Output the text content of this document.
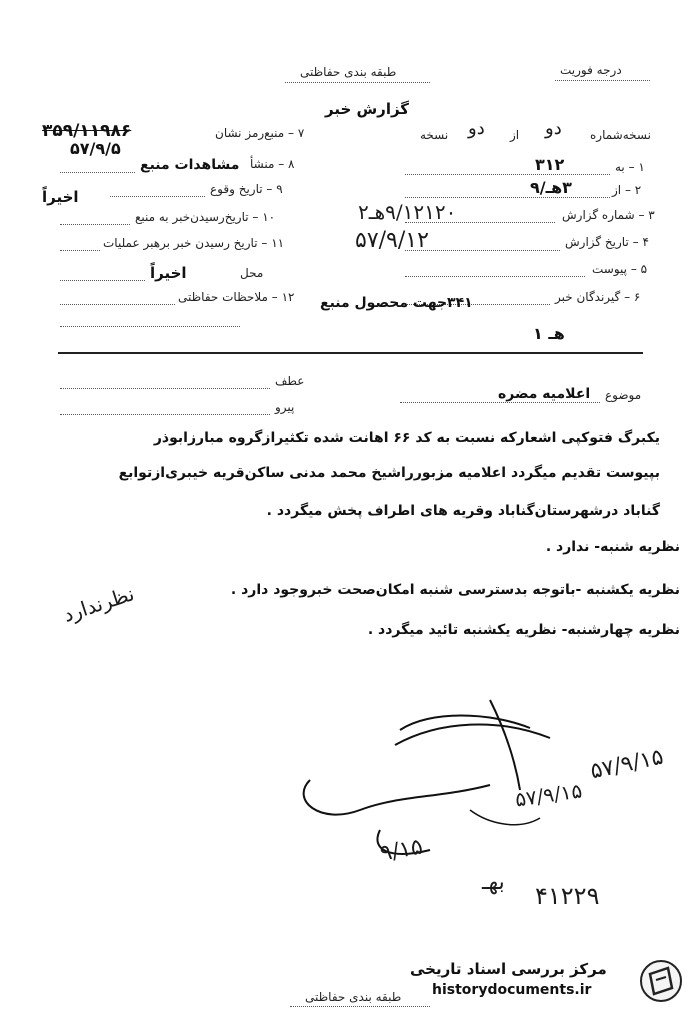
درجه فوریت
طبقه بندی حفاظتی
گزارش خبر
نسخه‌شماره
دو
از
دو
نسخه
۱ – به
۳۱۲
۲ – از
۳هـ/۹
۳ – شماره گزارش
۹/۱۲۱۲۰هـ۲
۴ – تاریخ گزارش
۵۷/۹/۱۲
۵ – پیوست
۶ – گیرندگان خبر
۳۴۱جهت محصول منبع
۳۵۹/۱۱۹۸۶	۷ – منبع‌رمز نشان
۵۷/۹/۵
۸ – منشأ
مشاهدات منبع
۹ – تاریخ وقوع
اخیراً
۱۰ – تاریخ‌رسیدن‌خبر به منبع
۱۱ – تاریخ رسیدن خبر برهبر عملیات
محل
اخیراً
۱۲ – ملاحظات حفاظتی
هـ ۱
عطف
پیرو
موضوع
اعلامیه مضره
یکبرگ فتوکپی اشعارکه نسبت به کد ۶۶ اهانت شده تکثیرازگروه مبارزابوذر
بپیوست تقدیم میگردد اعلامیه مزبورراشیخ محمد مدنی ساکن‌قریه خیبری‌ازتوابع
گناباد درشهرستان‌گناباد وقریه های اطراف پخش میگردد .
نظریه شنبه- ندارد .
نظریه یکشنبه -باتوجه بدسترسی شنبه امکان‌صحت خبروجود دارد .
نظریه چهارشنبه- نظریه یکشنبه تائید میگردد .
نظرندارد
۵۷/۹/۱۵
۵۷/۹/۱۵
۹/۱۵
بهـ ۴۱۲۲۹
مرکز بررسی اسناد تاریخی
historydocuments.ir
طبقه بندی حفاظتی
